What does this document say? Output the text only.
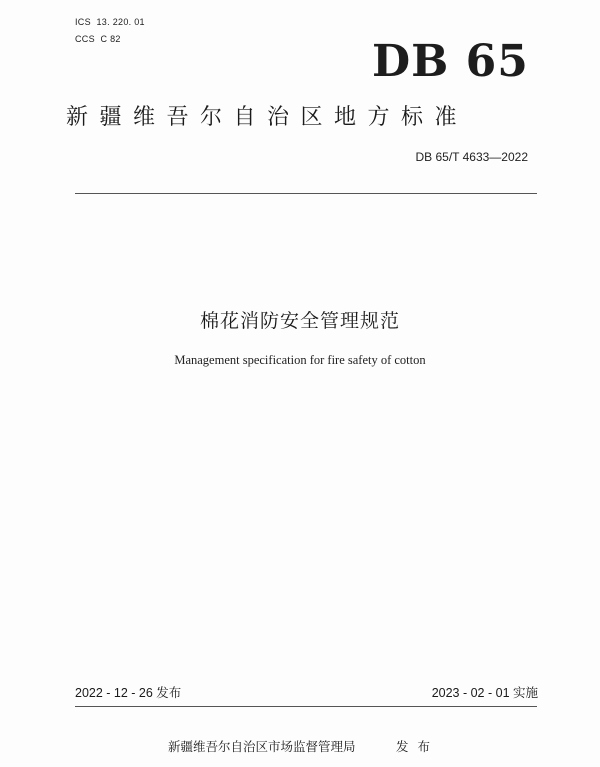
ICS  13. 220. 01
CCS  C 82	DB 65
新疆维吾尔自治区地方标准
DB 65/T 4633—2022
棉花消防安全管理规范
Management specification for fire safety of cotton
2022 - 12 - 26 发布	2023 - 02 - 01 实施
新疆维吾尔自治区市场监督管理局	发布
